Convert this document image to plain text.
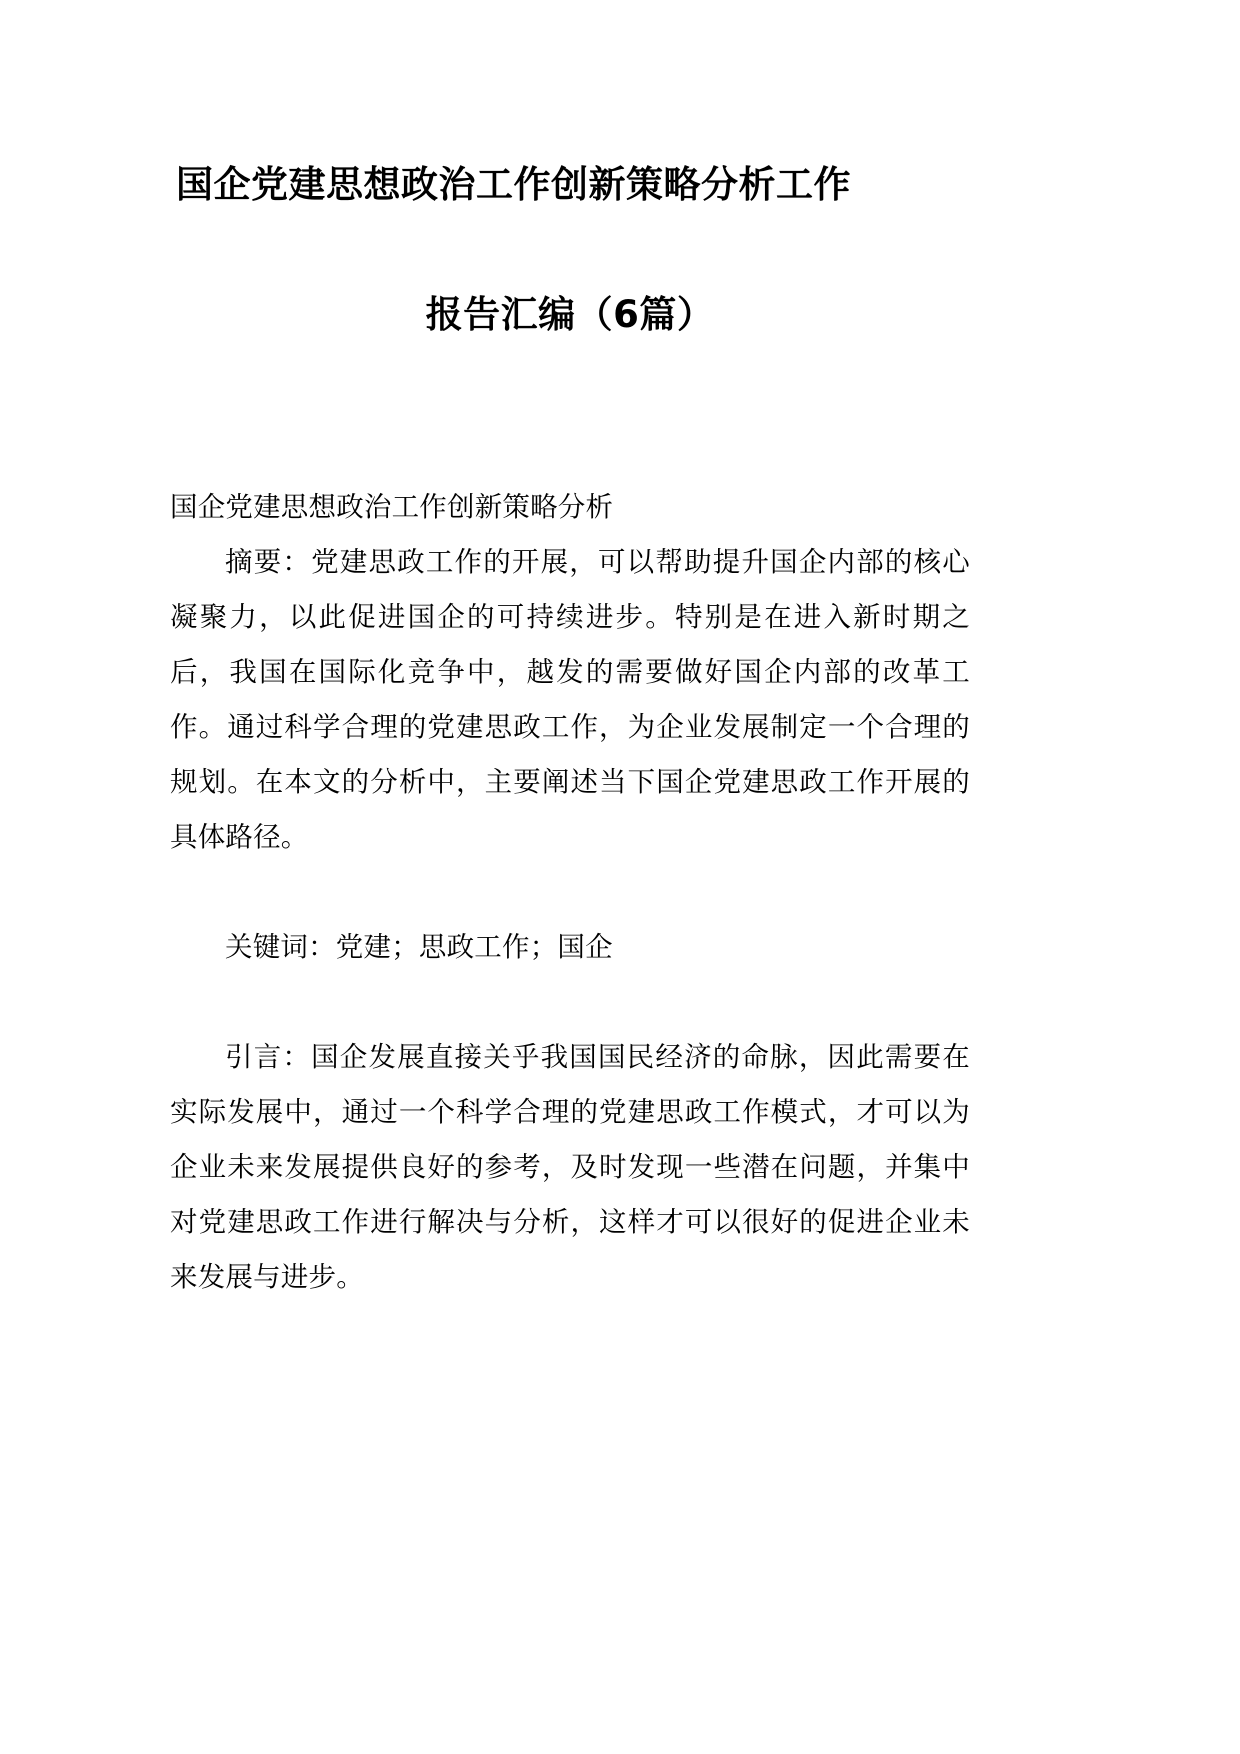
国企党建思想政治工作创新策略分析工作
报告汇编（6篇）

国企党建思想政治工作创新策略分析

摘要：党建思政工作的开展，可以帮助提升国企内部的核心凝聚力，以此促进国企的可持续进步。特别是在进入新时期之后，我国在国际化竞争中，越发的需要做好国企内部的改革工作。通过科学合理的党建思政工作，为企业发展制定一个合理的规划。在本文的分析中，主要阐述当下国企党建思政工作开展的具体路径。

关键词：党建；思政工作；国企

引言：国企发展直接关乎我国国民经济的命脉，因此需要在实际发展中，通过一个科学合理的党建思政工作模式，才可以为企业未来发展提供良好的参考，及时发现一些潜在问题，并集中对党建思政工作进行解决与分析，这样才可以很好的促进企业未来发展与进步。
